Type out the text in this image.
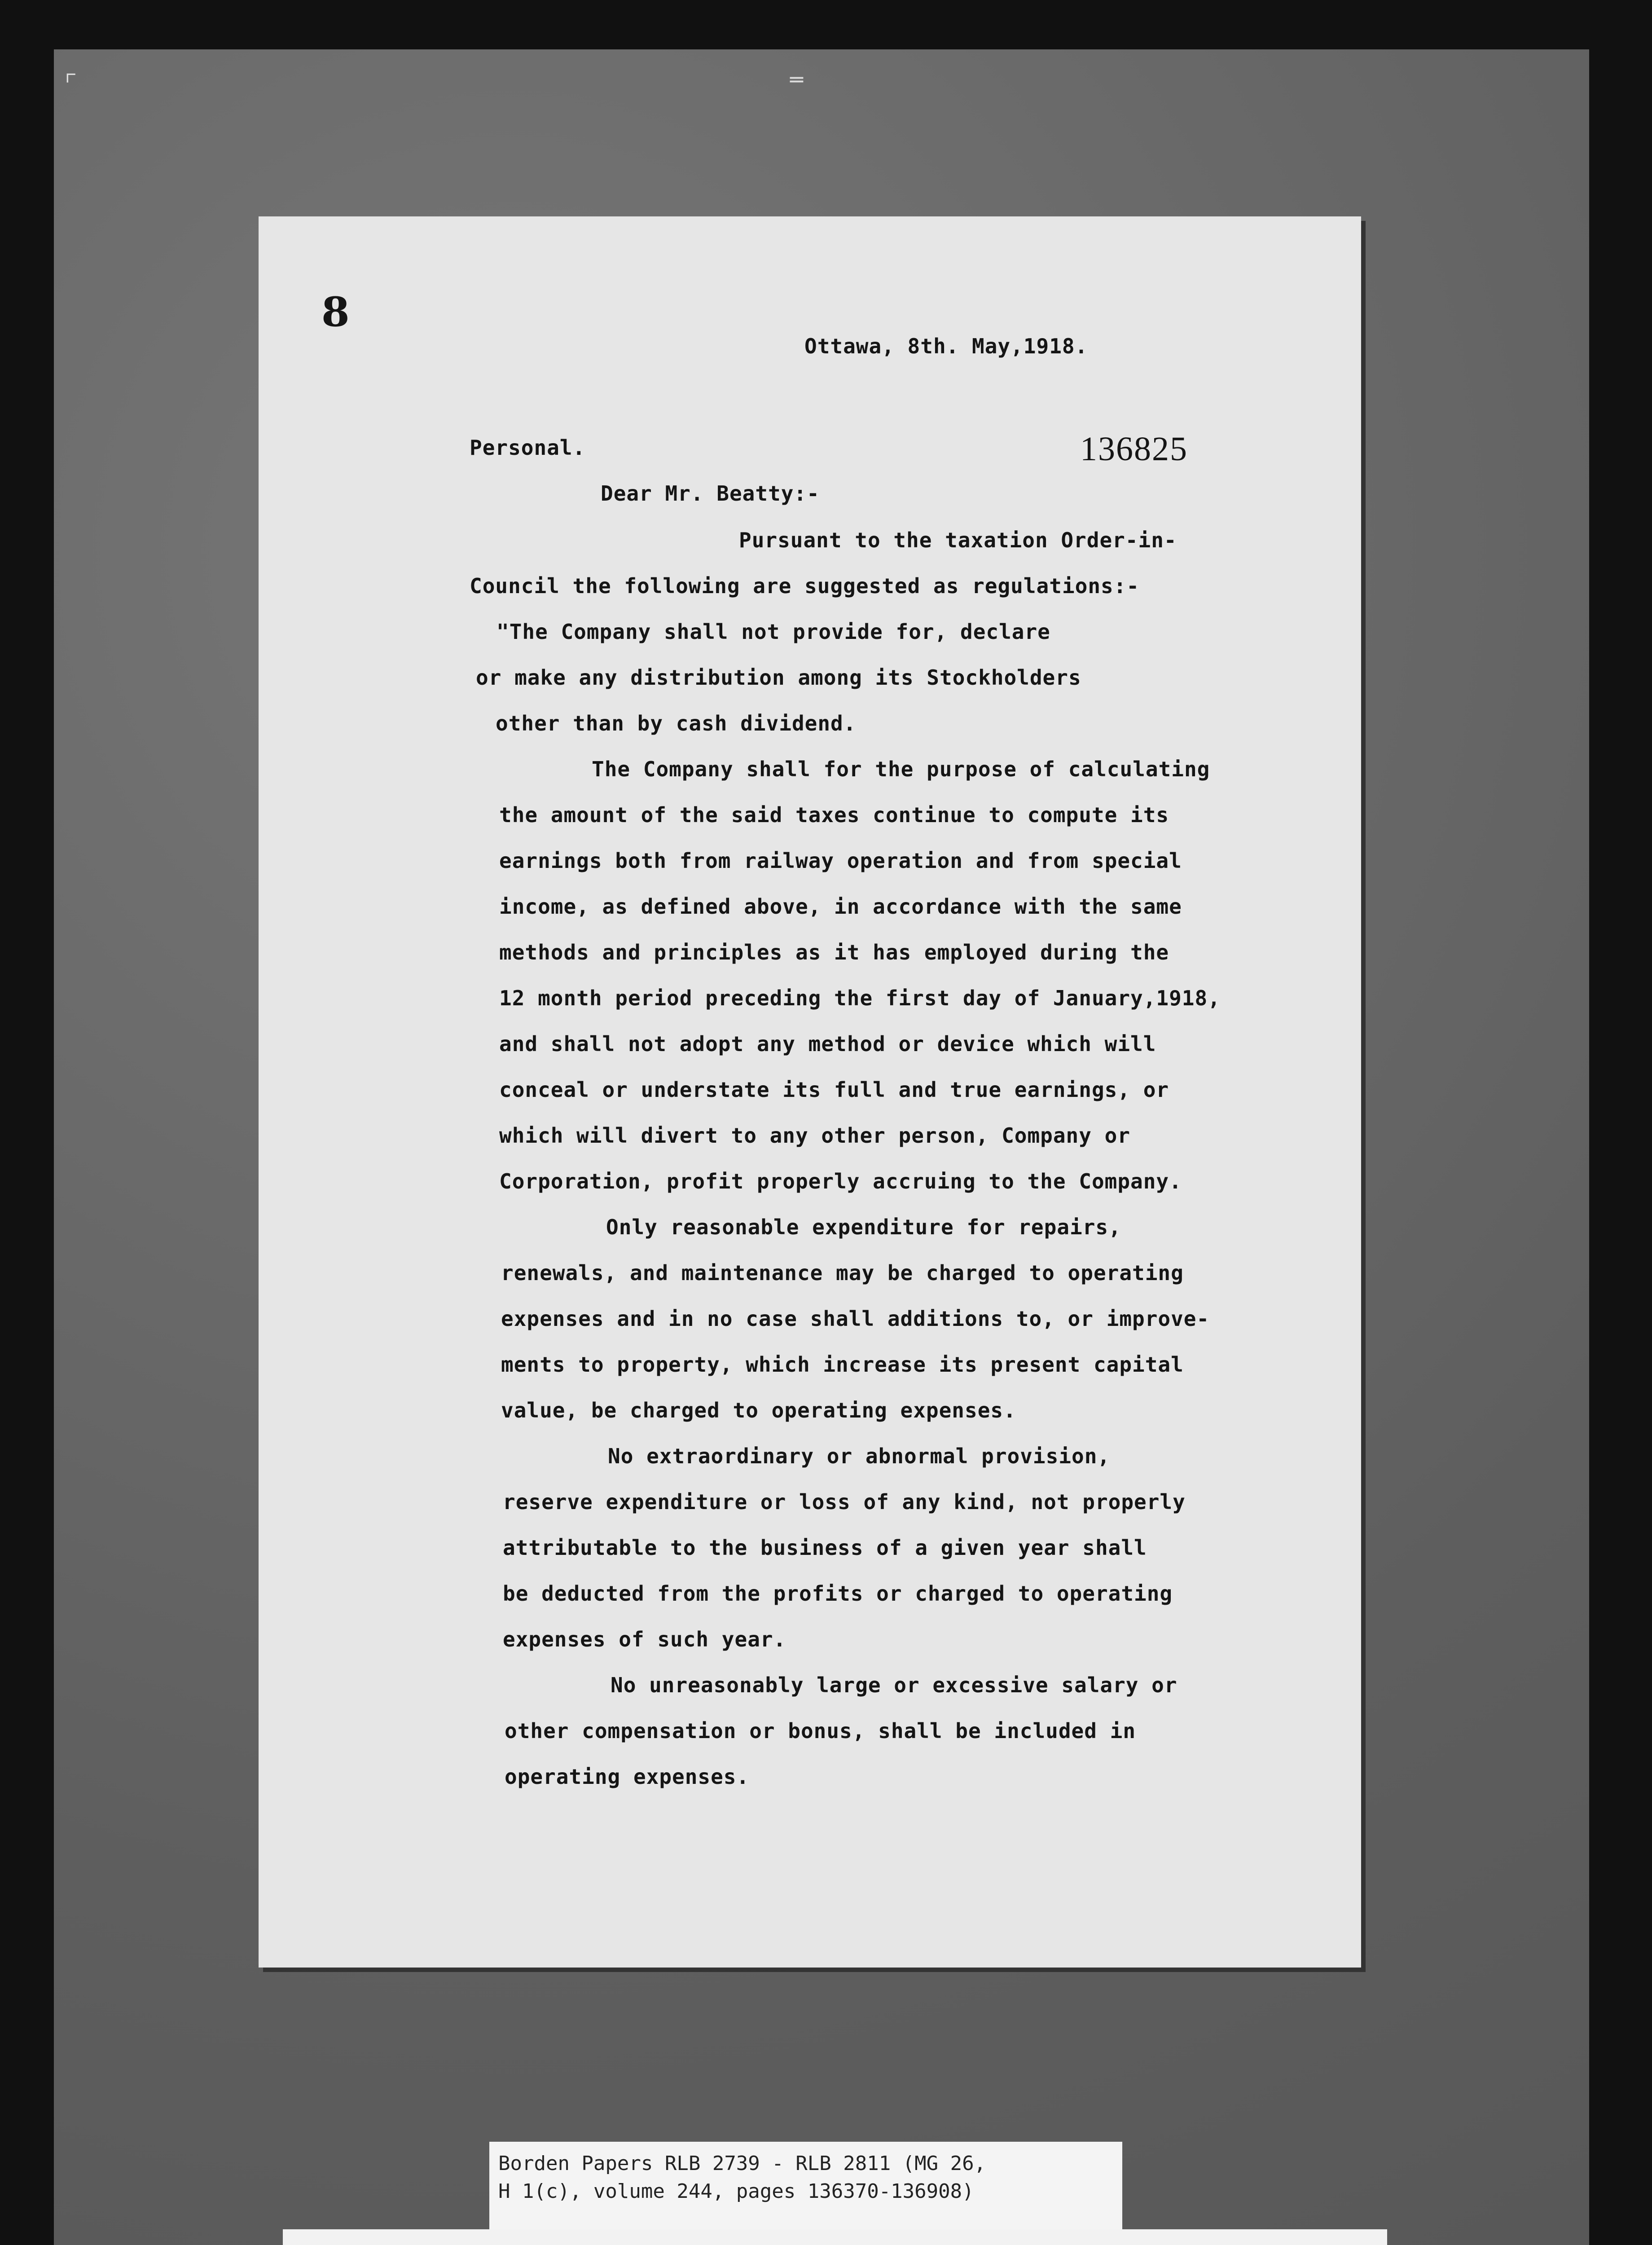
⌜	═
8
Ottawa, 8th. May,1918.
Personal.	136825
Dear Mr. Beatty:-
Pursuant to the taxation Order-in-
Council the following are suggested as regulations:-
"The Company shall not provide for, declare
or make any distribution among its Stockholders
other than by cash dividend.
The Company shall for the purpose of calculating
the amount of the said taxes continue to compute its
earnings both from railway operation and from special
income, as defined above, in accordance with the same
methods and principles as it has employed during the
12 month period preceding the first day of January,1918,
and shall not adopt any method or device which will
conceal or understate its full and true earnings, or
which will divert to any other person, Company or
Corporation, profit properly accruing to the Company.
Only reasonable expenditure for repairs,
renewals, and maintenance may be charged to operating
expenses and in no case shall additions to, or improve-
ments to property, which increase its present capital
value, be charged to operating expenses.
No extraordinary or abnormal provision,
reserve expenditure or loss of any kind, not properly
attributable to the business of a given year shall
be deducted from the profits or charged to operating
expenses of such year.
No unreasonably large or excessive salary or
other compensation or bonus, shall be included in
operating expenses.
Borden Papers RLB 2739 - RLB 2811 (MG 26,
H 1(c), volume 244, pages 136370-136908)
